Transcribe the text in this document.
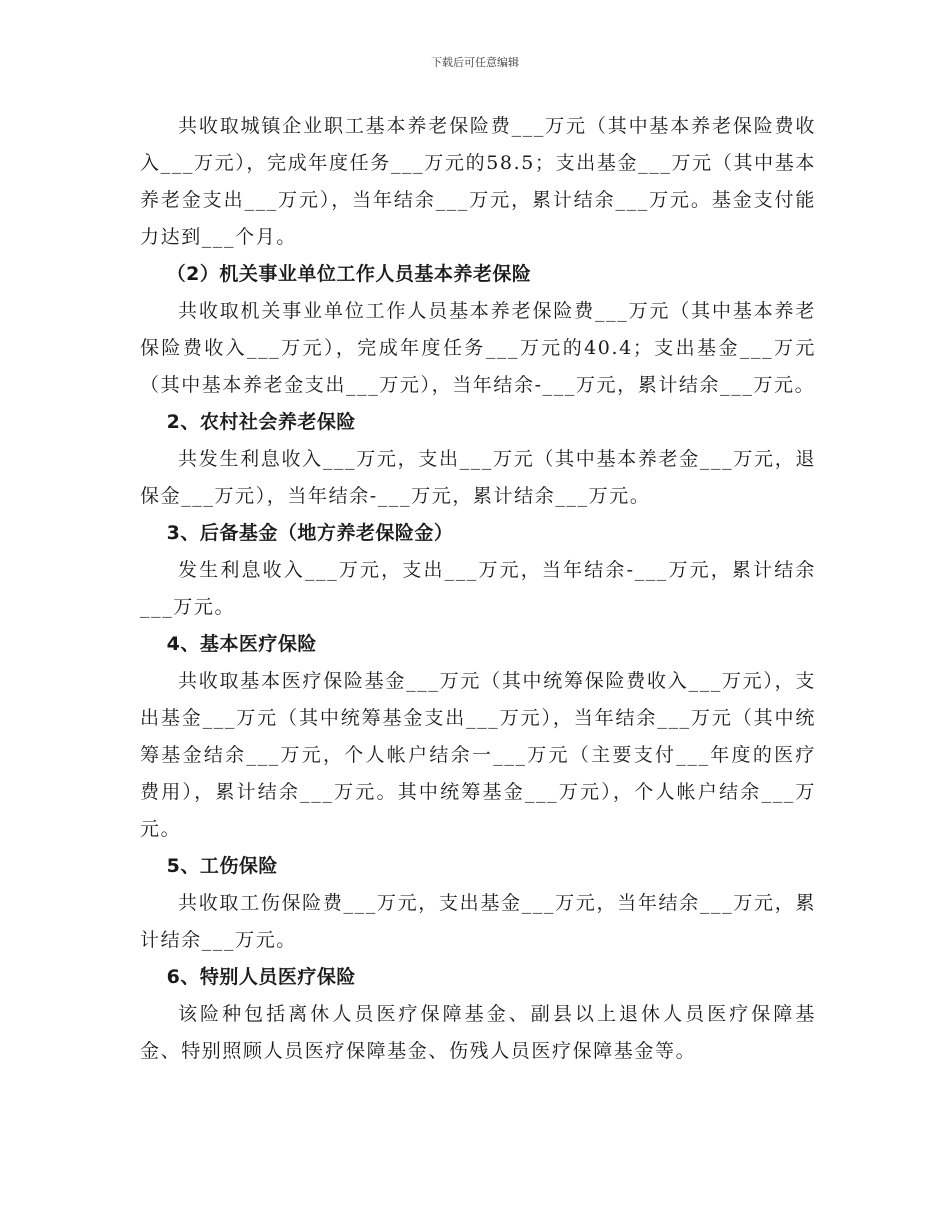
下载后可任意编辑

共收取城镇企业职工基本养老保险费___万元（其中基本养老保险费收入___万元），完成年度任务___万元的58.5；支出基金___万元（其中基本养老金支出___万元），当年结余___万元，累计结余___万元。基金支付能力达到___个月。

（2）机关事业单位工作人员基本养老保险

共收取机关事业单位工作人员基本养老保险费___万元（其中基本养老保险费收入___万元），完成年度任务___万元的40.4；支出基金___万元（其中基本养老金支出___万元），当年结余-___万元，累计结余___万元。

2、农村社会养老保险

共发生利息收入___万元，支出___万元（其中基本养老金___万元，退保金___万元），当年结余-___万元，累计结余___万元。

3、后备基金（地方养老保险金）

发生利息收入___万元，支出___万元，当年结余-___万元，累计结余___万元。

4、基本医疗保险

共收取基本医疗保险基金___万元（其中统筹保险费收入___万元），支出基金___万元（其中统筹基金支出___万元），当年结余___万元（其中统筹基金结余___万元，个人帐户结余一___万元（主要支付___年度的医疗费用），累计结余___万元。其中统筹基金___万元），个人帐户结余___万元。

5、工伤保险

共收取工伤保险费___万元，支出基金___万元，当年结余___万元，累计结余___万元。

6、特别人员医疗保险

该险种包括离休人员医疗保障基金、副县以上退休人员医疗保障基金、特别照顾人员医疗保障基金、伤残人员医疗保障基金等。
